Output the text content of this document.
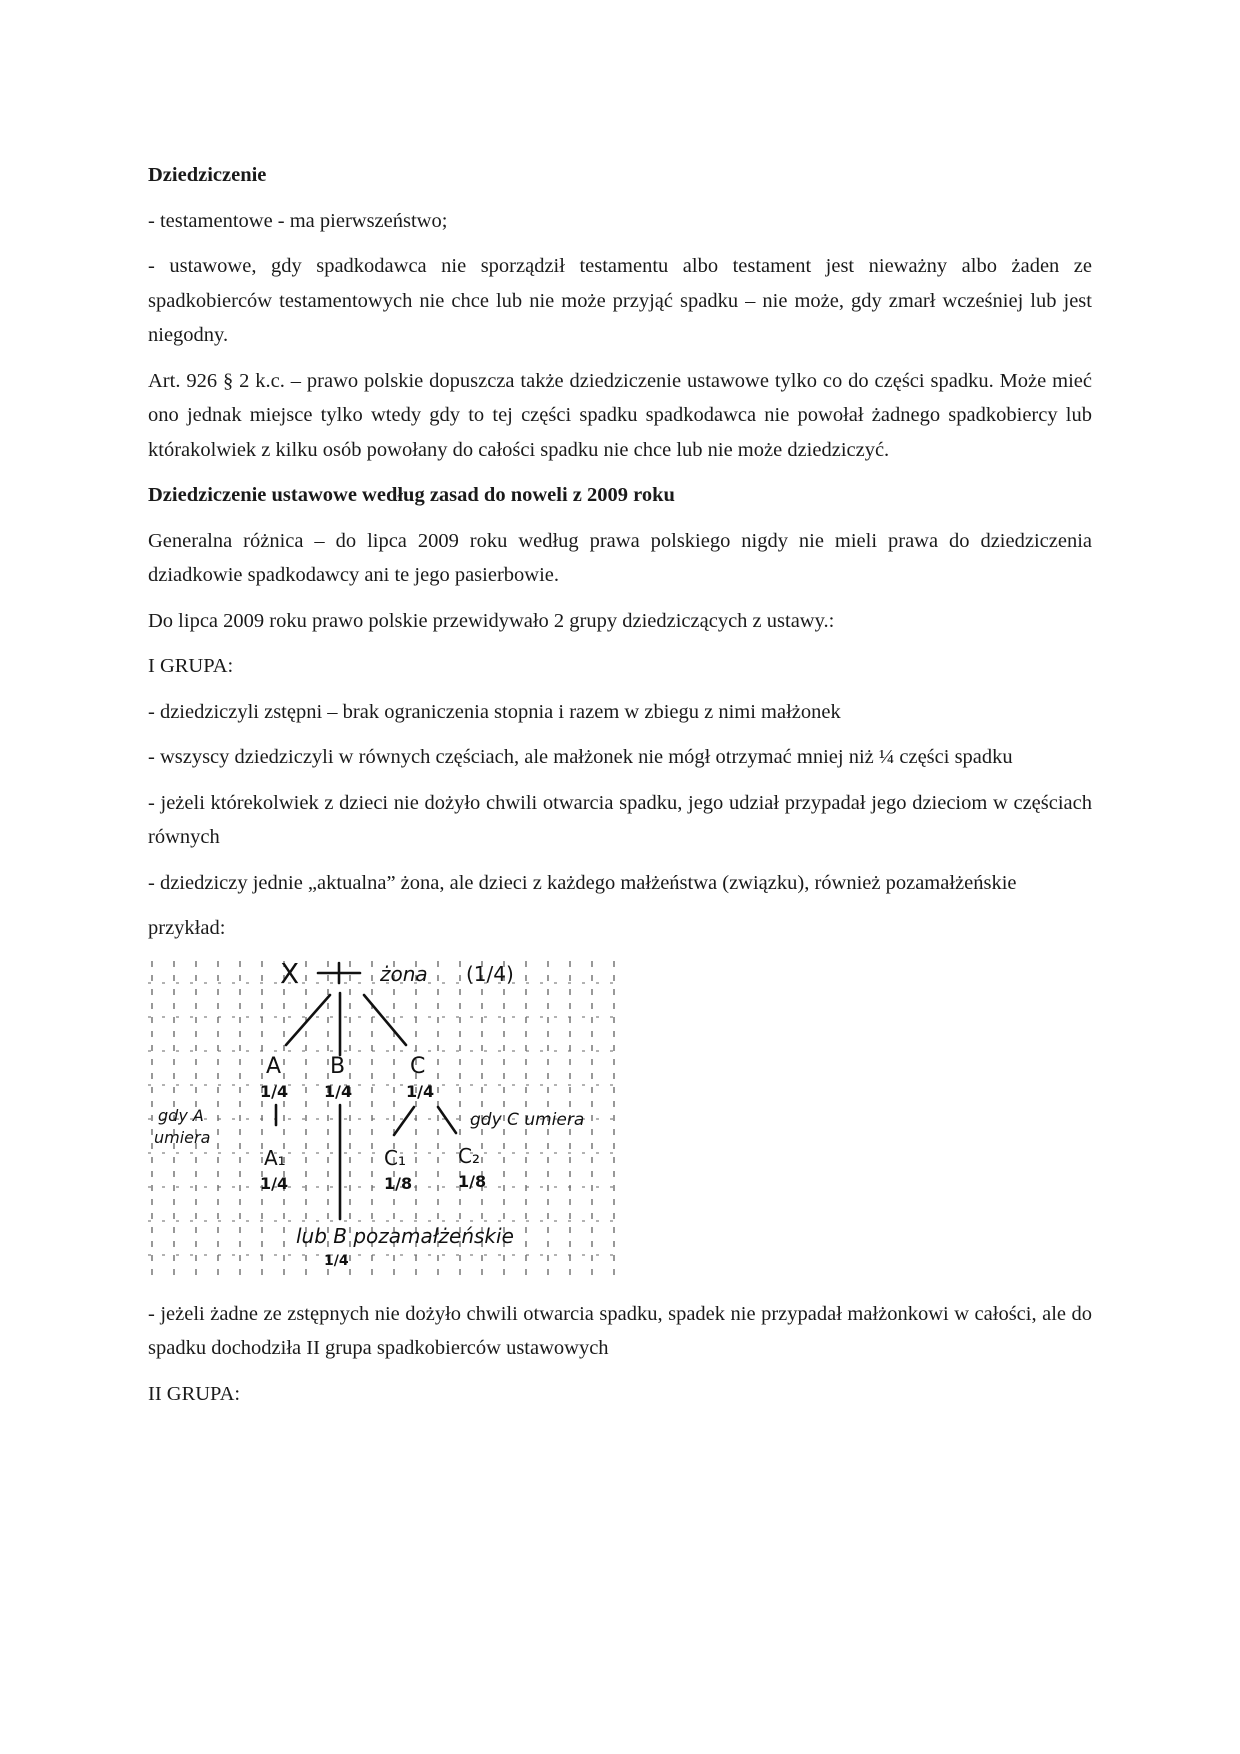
Dziedziczenie

- testamentowe - ma pierwszeństwo;

- ustawowe, gdy spadkodawca nie sporządził testamentu albo testament jest nieważny albo żaden ze spadkobierców testamentowych nie chce lub nie może przyjąć spadku – nie może, gdy zmarł wcześniej lub jest niegodny.

Art. 926 § 2 k.c. – prawo polskie dopuszcza także dziedziczenie ustawowe tylko co do części spadku. Może mieć ono jednak miejsce tylko wtedy gdy to tej części spadku spadkodawca nie powołał żadnego spadkobiercy lub którakolwiek z kilku osób powołany do całości spadku nie chce lub nie może dziedziczyć.

Dziedziczenie ustawowe według zasad do noweli z 2009 roku

Generalna różnica – do lipca 2009 roku według prawa polskiego nigdy nie mieli prawa do dziedziczenia dziadkowie spadkodawcy ani te jego pasierbowie.

Do lipca 2009 roku prawo polskie przewidywało 2 grupy dziedziczących z ustawy.:

I GRUPA:

- dziedziczyli zstępni – brak ograniczenia stopnia i razem w zbiegu z nimi małżonek

- wszyscy dziedziczyli w równych częściach, ale małżonek nie mógł otrzymać mniej niż ¼ części spadku

- jeżeli którekolwiek z dzieci nie dożyło chwili otwarcia spadku, jego udział przypadał jego dzieciom w częściach równych

- dziedziczy jednie „aktualna” żona, ale dzieci z każdego małżeństwa (związku), również pozamałżeńskie

przykład:

X	żona (1/4)
A
1/4
B
1/4
C
1/4
gdy A
umiera
gdy C umiera
A₁
1/4
C₁
1/8
C₂
1/8
lub B pozamałżeńskie
1/4

- jeżeli żadne ze zstępnych nie dożyło chwili otwarcia spadku, spadek nie przypadał małżonkowi w całości, ale do spadku dochodziła II grupa spadkobierców ustawowych

II GRUPA:
